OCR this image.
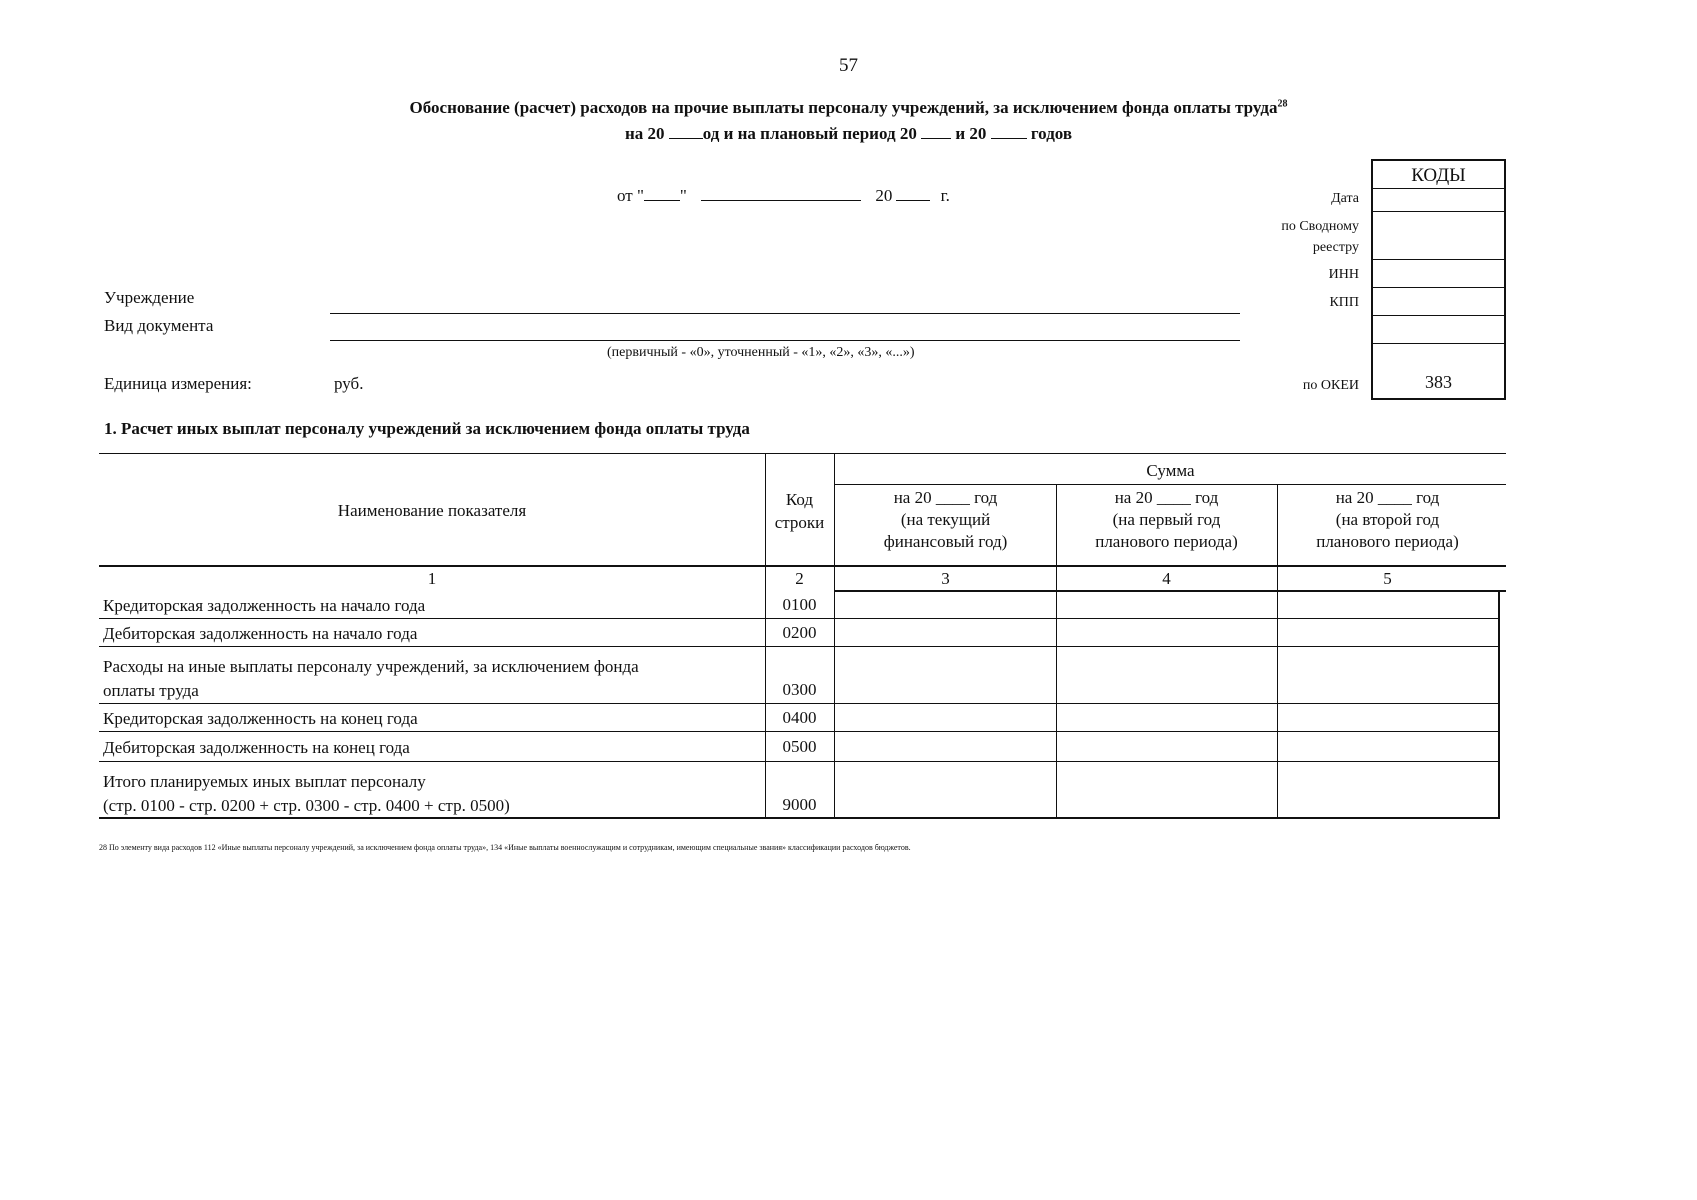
57
Обоснование (расчет) расходов на прочие выплаты персоналу учреждений, за исключением фонда оплаты труда$^{28}$
на 20 од и на плановый период 20 и 20	годов
от " "	20	г.	Дата
по Сводному
реестру
ИНН
КПП
по ОКЕИ
КОДЫ
383
Учреждение
Вид документа
(первичный - «0», уточненный - «1», «2», «3», «...»)
Единица измерения:	руб.
1. Расчет иных выплат персоналу учреждений за исключением фонда оплаты труда
Наименование показателя
Код
строки
Сумма
на 20 ____ год
(на текущий
финансовый год)
на 20 ____ год
(на первый год
планового периода)
на 20 ____ год
(на второй год
планового периода)
1	2	3	4	5
Кредиторская задолженность на начало года	0100
Дебиторская задолженность на начало года	0200
Расходы на иные выплаты персоналу учреждений, за исключением фонда
оплаты труда	0300
Кредиторская задолженность на конец года	0400
Дебиторская задолженность на конец года	0500
Итого планируемых иных выплат персоналу
(стр. 0100 - стр. 0200 + стр. 0300 - стр. 0400 + стр. 0500)	9000
28 По элементу вида расходов 112 «Иные выплаты персоналу учреждений, за исключением фонда оплаты труда», 134 «Иные выплаты военнослужащим и сотрудникам, имеющим специальные звания» классификации расходов бюджетов.
